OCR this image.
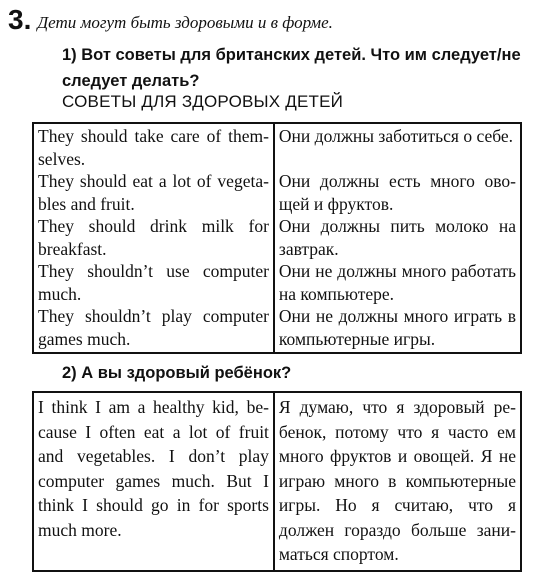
3. Дети могут быть здоровыми и в форме.
1) Вот советы для британских детей. Что им следует/не следует делать?
СОВЕТЫ ДЛЯ ЗДОРОВЫХ ДЕТЕЙ
They should take care of themselves.	Они должны заботиться о себе.
They should eat a lot of vegetables and fruit.	Они должны есть много овощей и фруктов.
They should drink milk for breakfast.	Они должны пить молоко на завтрак.
They shouldn’t use computer much.	Они не должны много работать на компьютере.
They shouldn’t play computer games much.	Они не должны много играть в компьютерные игры.
2) А вы здоровый ребёнок?
I think I am a healthy kid, because I often eat a lot of fruit and vegetables. I don’t play computer games much. But I think I should go in for sports much more.	Я думаю, что я здоровый ребенок, потому что я часто ем много фруктов и овощей. Я не играю много в компьютерные игры. Но я считаю, что я должен гораздо больше заниматься спортом.
